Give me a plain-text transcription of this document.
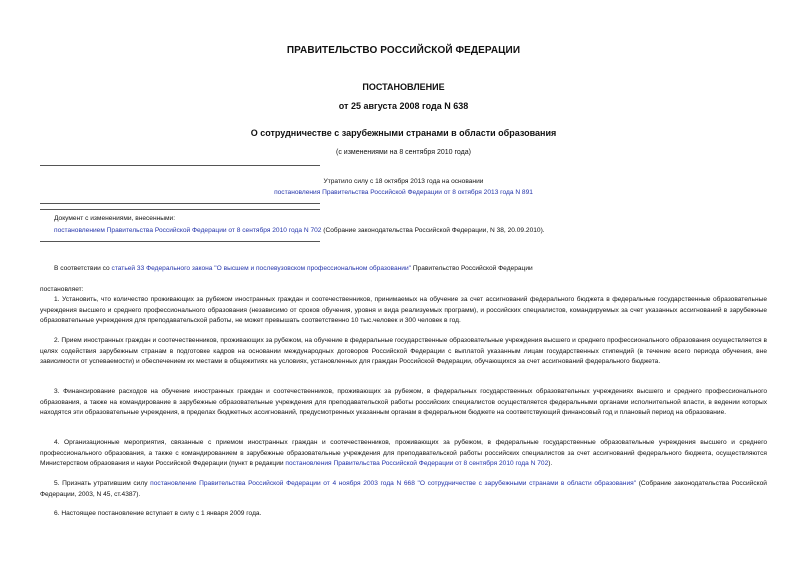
ПРАВИТЕЛЬСТВО РОССИЙСКОЙ ФЕДЕРАЦИИ
ПОСТАНОВЛЕНИЕ
от 25 августа 2008 года N 638
О сотрудничестве с зарубежными странами в области образования
(с изменениями на 8 сентября 2010 года)
Утратило силу с 18 октября 2013 года на основании
постановления Правительства Российской Федерации от 8 октября 2013 года N 891
Документ с изменениями, внесенными:
постановлением Правительства Российской Федерации от 8 сентября 2010 года N 702 (Собрание законодательства Российской Федерации, N 38, 20.09.2010).
В соответствии со статьей 33 Федерального закона "О высшем и послевузовском профессиональном образовании" Правительство Российской Федерации
постановляет:
1. Установить, что количество проживающих за рубежом иностранных граждан и соотечественников, принимаемых на обучение за счет ассигнований федерального бюджета в федеральные государственные образовательные учреждения высшего и среднего профессионального образования (независимо от сроков обучения, уровня и вида реализуемых программ), и российских специалистов, командируемых за счет указанных ассигнований в зарубежные образовательные учреждения для преподавательской работы, не может превышать соответственно 10 тыс.человек и 300 человек в год.
2. Прием иностранных граждан и соотечественников, проживающих за рубежом, на обучение в федеральные государственные образовательные учреждения высшего и среднего профессионального образования осуществляется в целях содействия зарубежным странам в подготовке кадров на основании международных договоров Российской Федерации с выплатой указанным лицам государственных стипендий (в течение всего периода обучения, вне зависимости от успеваемости) и обеспечением их местами в общежитиях на условиях, установленных для граждан Российской Федерации, обучающихся за счет ассигнований федерального бюджета.
3. Финансирование расходов на обучение иностранных граждан и соотечественников, проживающих за рубежом, в федеральных государственных образовательных учреждениях высшего и среднего профессионального образования, а также на командирование в зарубежные образовательные учреждения для преподавательской работы российских специалистов осуществляется федеральными органами исполнительной власти, в ведении которых находятся эти образовательные учреждения, в пределах бюджетных ассигнований, предусмотренных указанным органам в федеральном бюджете на соответствующий финансовый год и плановый период на образование.
4. Организационные мероприятия, связанные с приемом иностранных граждан и соотечественников, проживающих за рубежом, в федеральные государственные образовательные учреждения высшего и среднего профессионального образования, а также с командированием в зарубежные образовательные учреждения для преподавательской работы российских специалистов за счет ассигнований федерального бюджета, осуществляются Министерством образования и науки Российской Федерации (пункт в редакции постановления Правительства Российской Федерации от 8 сентября 2010 года N 702).
5. Признать утратившим силу постановление Правительства Российской Федерации от 4 ноября 2003 года N 668 "О сотрудничестве с зарубежными странами в области образования" (Собрание законодательства Российской Федерации, 2003, N 45, ст.4387).
6. Настоящее постановление вступает в силу с 1 января 2009 года.
